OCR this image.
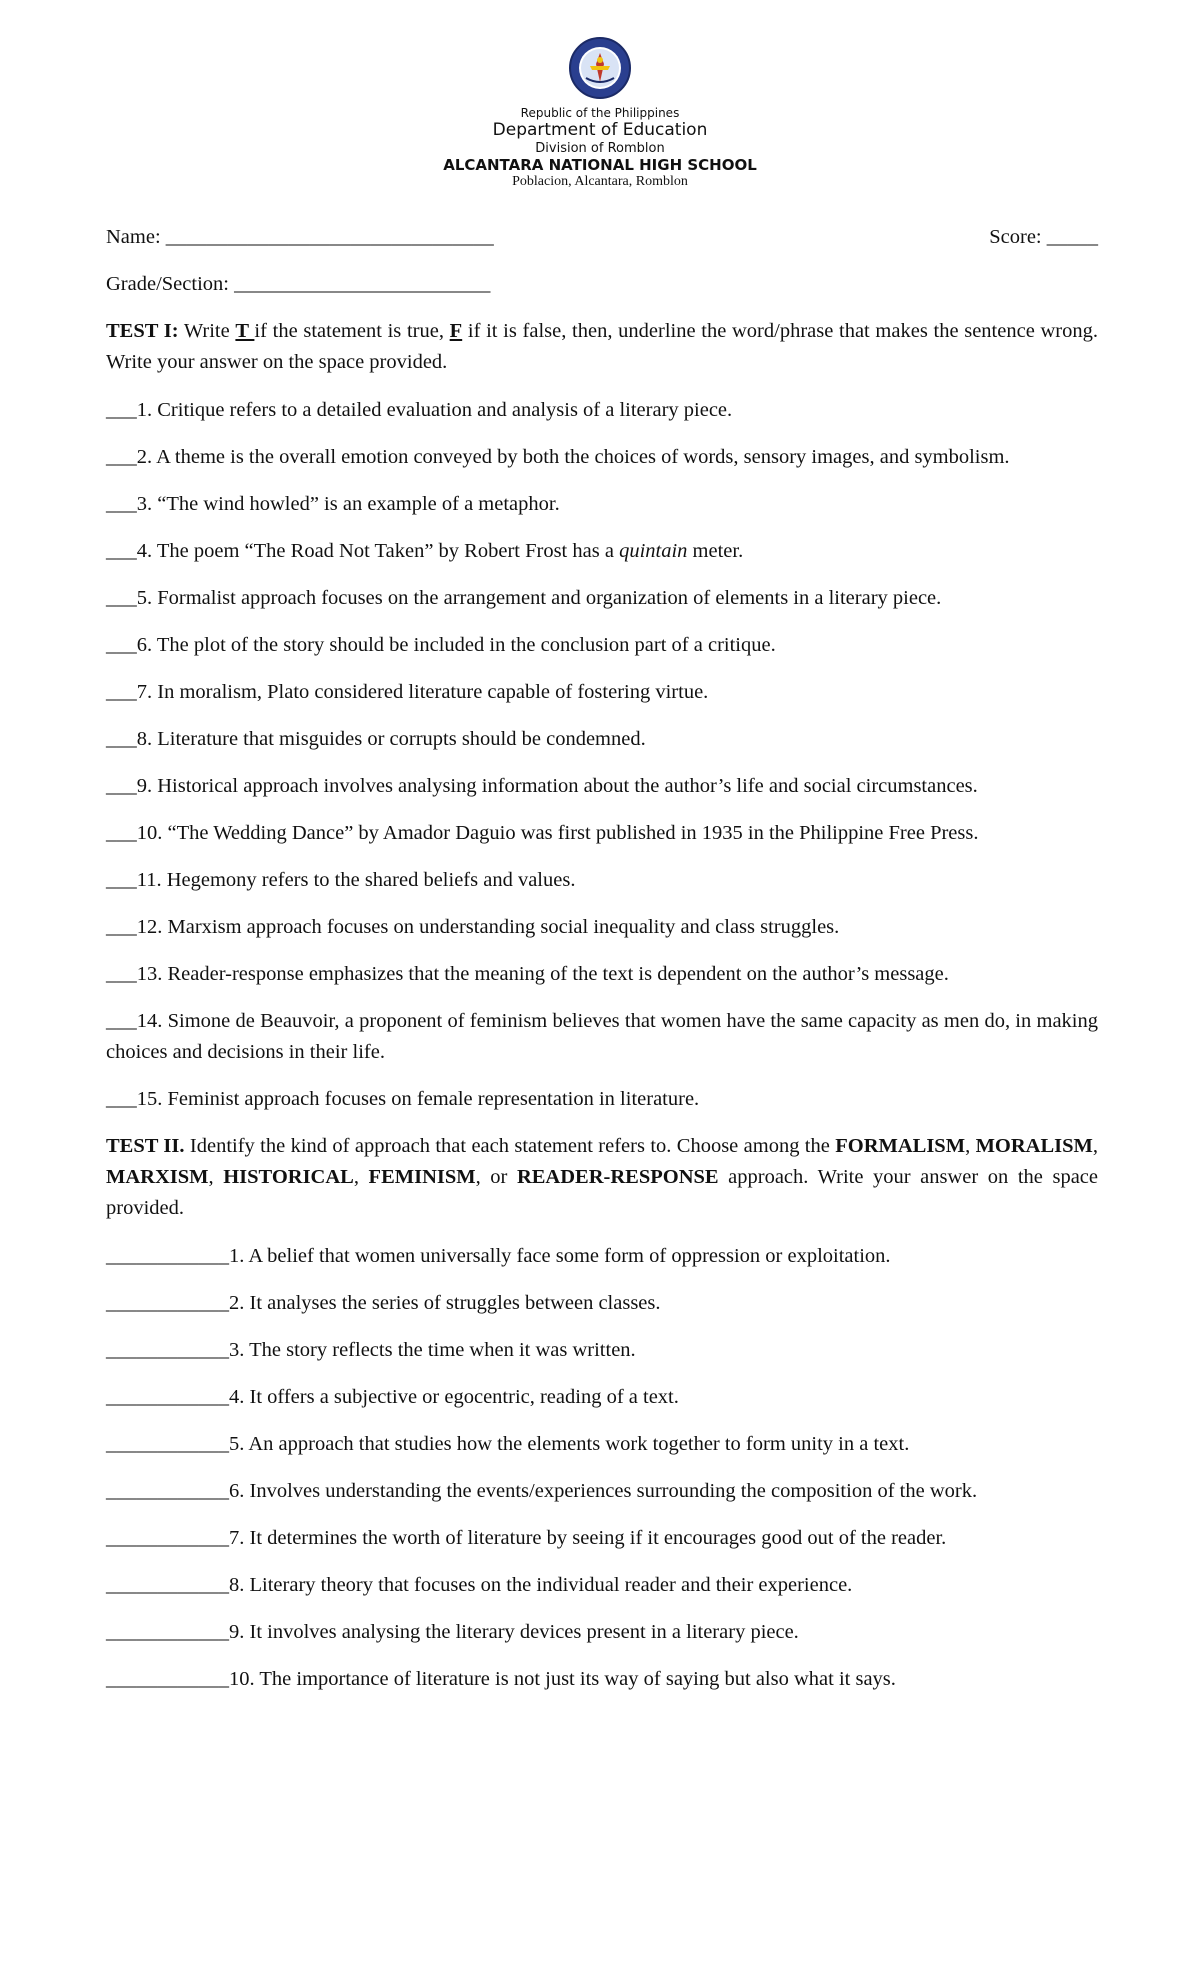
Republic of the Philippines
Department of Education
Division of Romblon
ALCANTARA NATIONAL HIGH SCHOOL
Poblacion, Alcantara, Romblon
Name: ________________________________	Score: _____
Grade/Section: _________________________

TEST I: Write T if the statement is true, F if it is false, then, underline the word/phrase that makes the sentence wrong. Write your answer on the space provided.

___1. Critique refers to a detailed evaluation and analysis of a literary piece.

___2. A theme is the overall emotion conveyed by both the choices of words, sensory images, and symbolism.

___3. “The wind howled” is an example of a metaphor.

___4. The poem “The Road Not Taken” by Robert Frost has a quintain meter.

___5. Formalist approach focuses on the arrangement and organization of elements in a literary piece.

___6. The plot of the story should be included in the conclusion part of a critique.

___7. In moralism, Plato considered literature capable of fostering virtue.

___8. Literature that misguides or corrupts should be condemned.

___9. Historical approach involves analysing information about the author’s life and social circumstances.

___10. “The Wedding Dance” by Amador Daguio was first published in 1935 in the Philippine Free Press.

___11. Hegemony refers to the shared beliefs and values.

___12. Marxism approach focuses on understanding social inequality and class struggles.

___13. Reader-response emphasizes that the meaning of the text is dependent on the author’s message.

___14. Simone de Beauvoir, a proponent of feminism believes that women have the same capacity as men do, in making choices and decisions in their life.

___15. Feminist approach focuses on female representation in literature.

TEST II. Identify the kind of approach that each statement refers to. Choose among the FORMALISM, MORALISM, MARXISM, HISTORICAL, FEMINISM, or READER-RESPONSE approach. Write your answer on the space provided.

____________1. A belief that women universally face some form of oppression or exploitation.

____________2. It analyses the series of struggles between classes.

____________3. The story reflects the time when it was written.

____________4. It offers a subjective or egocentric, reading of a text.

____________5. An approach that studies how the elements work together to form unity in a text.

____________6. Involves understanding the events/experiences surrounding the composition of the work.

____________7. It determines the worth of literature by seeing if it encourages good out of the reader.

____________8. Literary theory that focuses on the individual reader and their experience.

____________9. It involves analysing the literary devices present in a literary piece.

____________10. The importance of literature is not just its way of saying but also what it says.
